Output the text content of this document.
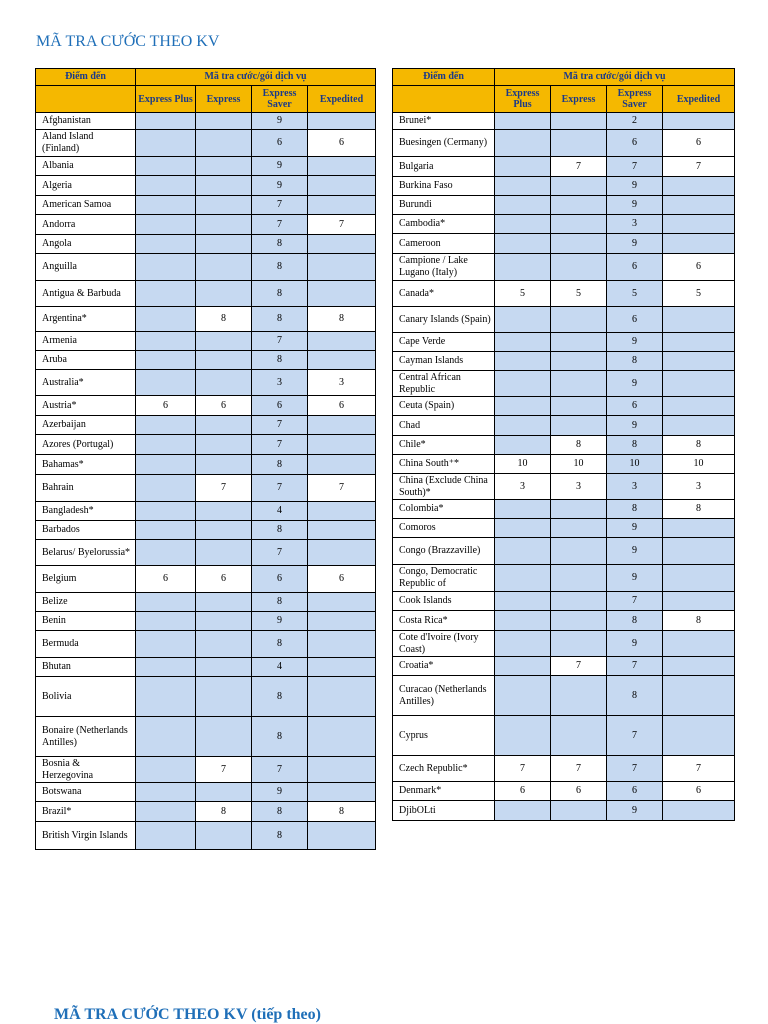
MÃ TRA CƯỚC THEO KV
Điểm đến	Mã tra cước/gói dịch vụ			
	Express Plus	Express	Express Saver	Expedited
Afghanistan			9	
Aland Island (Finland)			6	6
Albania			9	
Algeria			9	
American Samoa			7	
Andorra			7	7
Angola			8	
Anguilla			8	
Antigua & Barbuda			8	
Argentina*		8	8	8
Armenia			7	
Aruba			8	
Australia*			3	3
Austria*	6	6	6	6
Azerbaijan			7	
Azores (Portugal)			7	
Bahamas*			8	
Bahrain		7	7	7
Bangladesh*			4	
Barbados			8	
Belarus/ Byelorussia*			7	
Belgium	6	6	6	6
Belize			8	
Benin			9	
Bermuda			8	
Bhutan			4	
Bolivia			8	
Bonaire (Netherlands Antilles)			8	
Bosnia & Herzegovina		7	7	
Botswana			9	
Brazil*		8	8	8
British Virgin Islands			8	
Điểm đến	Mã tra cước/gói dịch vụ			
	Express Plus	Express	Express Saver	Expedited
Brunei*			2	
Buesingen (Cermany)			6	6
Bulgaria		7	7	7
Burkina Faso			9	
Burundi			9	
Cambodia*			3	
Cameroon			9	
Campione / Lake Lugano (Italy)			6	6
Canada*	5	5	5	5
Canary Islands (Spain)			6	
Cape Verde			9	
Cayman Islands			8	
Central African Republic			9	
Ceuta (Spain)			6	
Chad			9	
Chile*		8	8	8
China South⁺*	10	10	10	10
China (Exclude China South)*	3	3	3	3
Colombia*			8	8
Comoros			9	
Congo (Brazzaville)			9	
Congo, Democratic Republic of			9	
Cook Islands			7	
Costa Rica*			8	8
Cote d'Ivoire (Ivory Coast)			9	
Croatia*		7	7	
Curacao (Netherlands Antilles)			8	
Cyprus			7	
Czech Republic*	7	7	7	7
Denmark*	6	6	6	6
DjibOLti			9	
MÃ TRA CƯỚC THEO KV (tiếp theo)
